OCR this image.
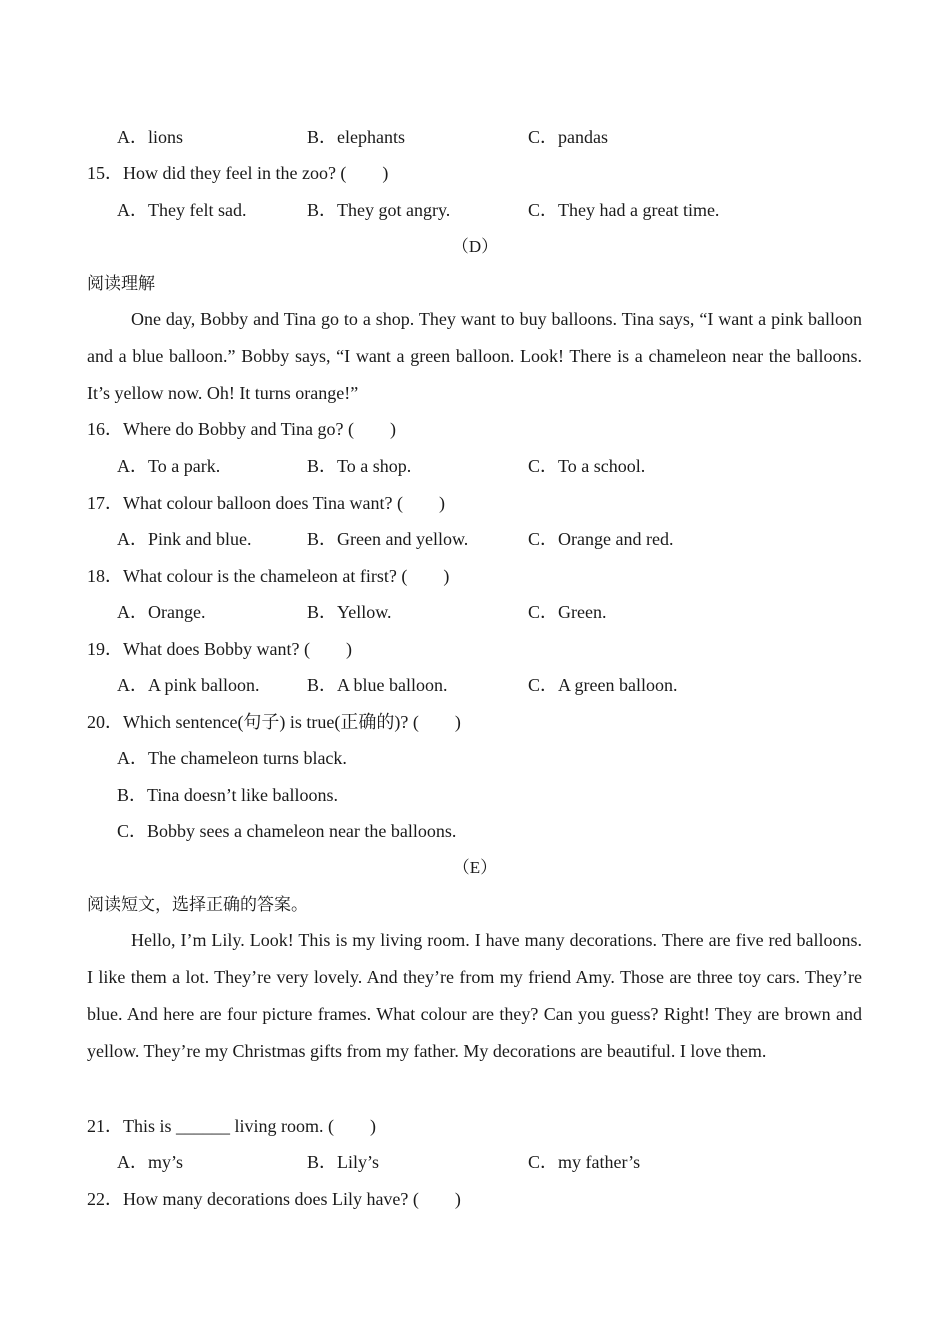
A．lions	B．elephants	C．pandas
15．How did they feel in the zoo? (　　)
A．They felt sad.	B．They got angry.	C．They had a great time.
（D）
阅读理解
One day, Bobby and Tina go to a shop. They want to buy balloons. Tina says, “I want a pink balloon and a blue balloon.” Bobby says, “I want a green balloon. Look! There is a chameleon near the balloons. It’s yellow now. Oh! It turns orange!”
16．Where do Bobby and Tina go? (　　)
A．To a park.	B．To a shop.	C．To a school.
17．What colour balloon does Tina want? (　　)
A．Pink and blue.	B．Green and yellow.	C．Orange and red.
18．What colour is the chameleon at first? (　　)
A．Orange.	B．Yellow.	C．Green.
19．What does Bobby want? (　　)
A．A pink balloon.	B．A blue balloon.	C．A green balloon.
20．Which sentence(句子) is true(正确的)? (　　)
A．The chameleon turns black.
B．Tina doesn’t like balloons.
C．Bobby sees a chameleon near the balloons.
（E）
阅读短文，选择正确的答案。
Hello, I’m Lily. Look! This is my living room. I have many decorations. There are five red balloons. I like them a lot. They’re very lovely. And they’re from my friend Amy. Those are three toy cars. They’re blue. And here are four picture frames. What colour are they? Can you guess? Right! They are brown and yellow. They’re my Christmas gifts from my father. My decorations are beautiful. I love them.
21．This is ______ living room. (　　)
A．my’s	B．Lily’s	C．my father’s
22．How many decorations does Lily have? (　　)
